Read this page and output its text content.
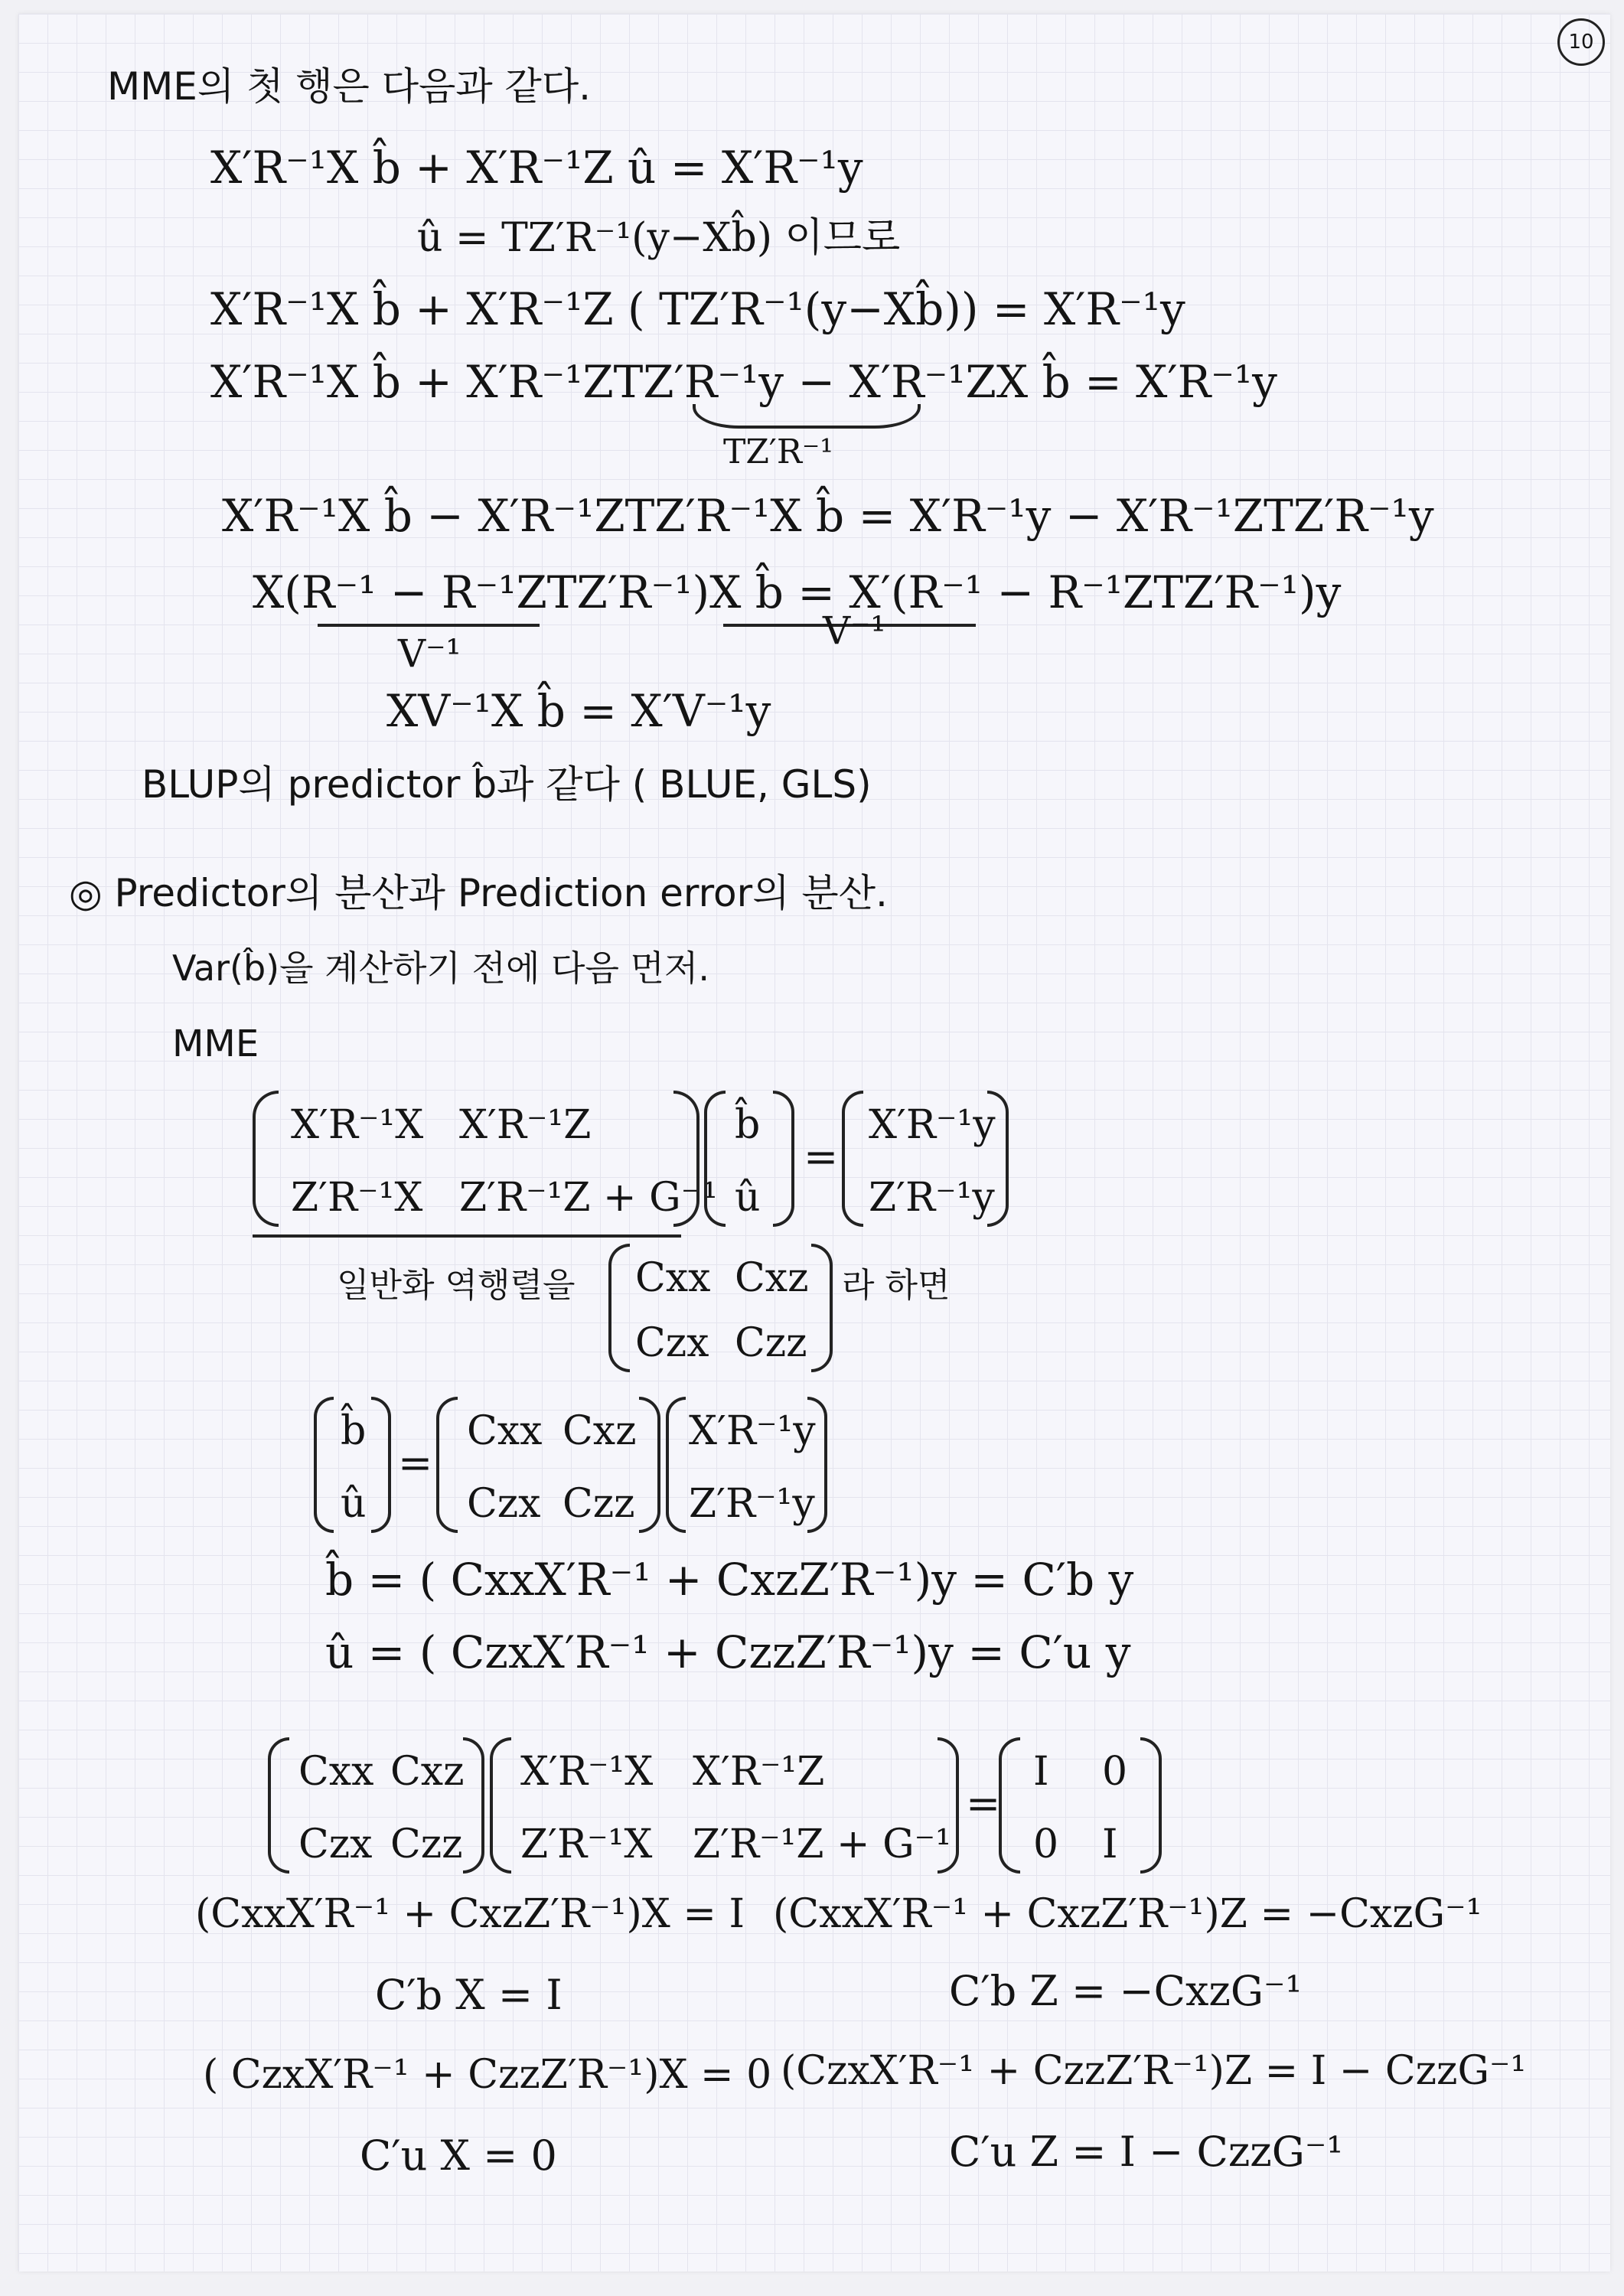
10
MME의 첫 행은 다음과 같다.
X′R⁻¹X b̂ + X′R⁻¹Z û = X′R⁻¹y
û = TZ′R⁻¹(y−Xb̂) 이므로
X′R⁻¹X b̂ + X′R⁻¹Z ( TZ′R⁻¹(y−Xb̂)) = X′R⁻¹y
X′R⁻¹X b̂ + X′R⁻¹ZTZ′R⁻¹y − X′R⁻¹ZX b̂ = X′R⁻¹y
TZ′R⁻¹
X′R⁻¹X b̂ − X′R⁻¹ZTZ′R⁻¹X b̂ = X′R⁻¹y − X′R⁻¹ZTZ′R⁻¹y
X(R⁻¹ − R⁻¹ZTZ′R⁻¹)X b̂ = X′(R⁻¹ − R⁻¹ZTZ′R⁻¹)y
V⁻¹
V⁻¹
XV⁻¹X b̂ = X′V⁻¹y
BLUP의 predictor b̂과 같다 ( BLUE, GLS)
◎ Predictor의 분산과 Prediction error의 분산.
Var(b̂)을 계산하기 전에 다음 먼저.
MME
X′R⁻¹X X′R⁻¹Z
Z′R⁻¹X Z′R⁻¹Z + G⁻¹
b̂
û
=
X′R⁻¹y
Z′R⁻¹y
일반화 역행렬을 Cxx Cxz
Czx Czz
라 하면
b̂
û
=
Cxx Cxz
Czx Czz
X′R⁻¹y
Z′R⁻¹y
b̂ = ( CxxX′R⁻¹ + CxzZ′R⁻¹)y = C′b y
û = ( CzxX′R⁻¹ + CzzZ′R⁻¹)y = C′u y
Cxx Cxz
Czx Czz
X′R⁻¹X X′R⁻¹Z
Z′R⁻¹X Z′R⁻¹Z + G⁻¹
=
I 0
0 I
(CxxX′R⁻¹ + CxzZ′R⁻¹)X = I (CxxX′R⁻¹ + CxzZ′R⁻¹)Z = −CxzG⁻¹
C′b X = I	C′b Z = −CxzG⁻¹
( CzxX′R⁻¹ + CzzZ′R⁻¹)X = 0 (CzxX′R⁻¹ + CzzZ′R⁻¹)Z = I − CzzG⁻¹
C′u X = 0	C′u Z = I − CzzG⁻¹
